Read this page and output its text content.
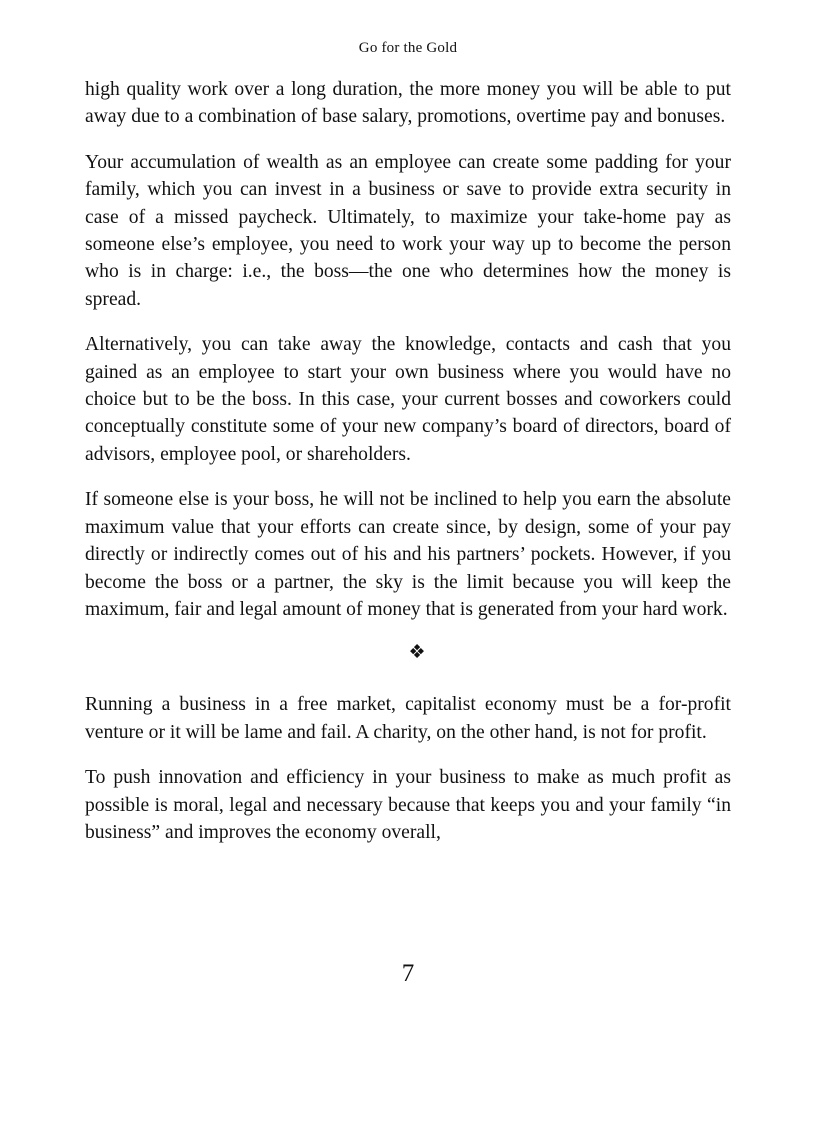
Go for the Gold

high quality work over a long duration, the more money you will be able to put away due to a combination of base salary, promotions, overtime pay and bonuses.

Your accumulation of wealth as an employee can create some padding for your family, which you can invest in a business or save to provide extra security in case of a missed paycheck. Ultimately, to maximize your take-home pay as someone else’s employee, you need to work your way up to become the person who is in charge: i.e., the boss—the one who determines how the money is spread.

Alternatively, you can take away the knowledge, contacts and cash that you gained as an employee to start your own business where you would have no choice but to be the boss. In this case, your current bosses and coworkers could conceptually constitute some of your new company’s board of directors, board of advisors, employee pool, or shareholders.

If someone else is your boss, he will not be inclined to help you earn the absolute maximum value that your efforts can create since, by design, some of your pay directly or indirectly comes out of his and his partners’ pockets. However, if you become the boss or a partner, the sky is the limit because you will keep the maximum, fair and legal amount of money that is generated from your hard work.

❖

Running a business in a free market, capitalist economy must be a for-profit venture or it will be lame and fail. A charity, on the other hand, is not for profit.

To push innovation and efficiency in your business to make as much profit as possible is moral, legal and necessary because that keeps you and your family “in business” and improves the economy overall,

7
